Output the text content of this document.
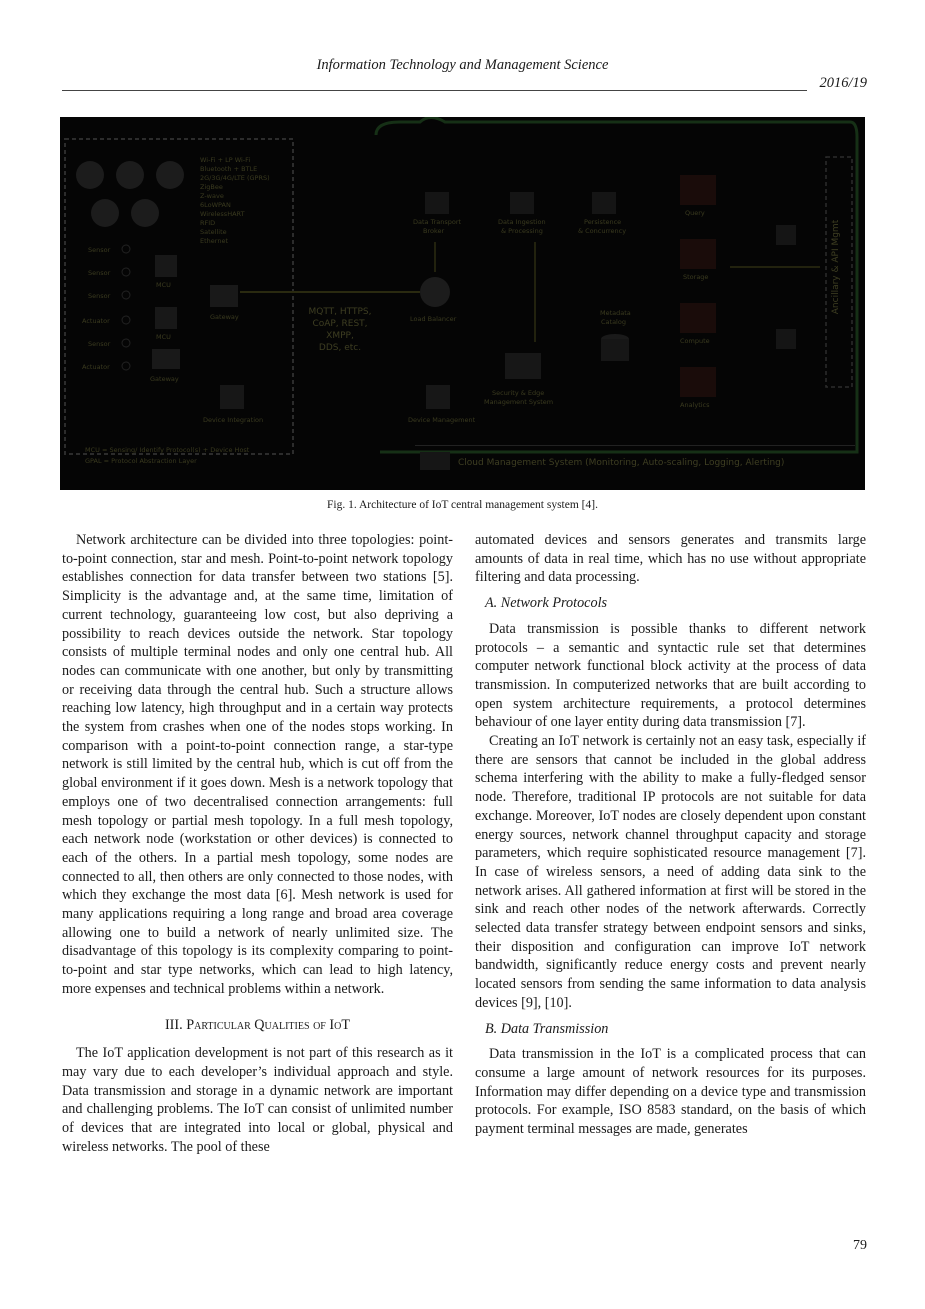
Information Technology and Management Science
2016/19
Ancillary & API Mgmt
Wi-Fi + LP Wi-Fi
Bluetooth + BTLE
2G/3G/4G/LTE (GPRS)
ZigBee
Z-wave
6LoWPAN
WirelessHART
RFID
Satellite
Ethernet
Sensor
Sensor
Sensor
Actuator
Sensor
Actuator
MCU
MCU
Gateway
Gateway
MQTT, HTTPS,
CoAP, REST,
XMPP,
DDS, etc.
Device Integration	Device Management
Load Balancer
Data Transport
Broker
Data Ingestion
& Processing
Persistence
& Concurrency
Query
Storage
Compute
Analytics
Metadata
Catalog
Security & Edge
Management System
Cloud Management System (Monitoring, Auto-scaling, Logging, Alerting)
MCU = Sensing/ Identify Protocol(s) + Device Host
GPAL = Protocol Abstraction Layer
Fig. 1. Architecture of IoT central management system [4].

Network architecture can be divided into three topologies: point-to-point connection, star and mesh. Point-to-point network topology establishes connection for data transfer between two stations [5]. Simplicity is the advantage and, at the same time, limitation of current technology, guaranteeing low cost, but also depriving a possibility to reach devices outside the network. Star topology consists of multiple terminal nodes and only one central hub. All nodes can communicate with one another, but only by transmitting or receiving data through the central hub. Such a structure allows reaching low latency, high throughput and in a certain way protects the system from crashes when one of the nodes stops working. In comparison with a point-to-point connection range, a star-type network is still limited by the central hub, which is cut off from the global environment if it goes down. Mesh is a network topology that employs one of two decentralised connection arrangements: full mesh topology or partial mesh topology. In a full mesh topology, each network node (workstation or other devices) is connected to each of the others. In a partial mesh topology, some nodes are connected to all, then others are only connected to those nodes, with which they exchange the most data [6]. Mesh network is used for many applications requiring a long range and broad area coverage allowing one to build a network of nearly unlimited size. The disadvantage of this topology is its complexity comparing to point-to-point and star type networks, which can lead to high latency, more expenses and technical problems within a network.

III. Particular Qualities of IoT

The IoT application development is not part of this research as it may vary due to each developer’s individual approach and style. Data transmission and storage in a dynamic network are important and challenging problems. The IoT can consist of unlimited number of devices that are integrated into local or global, physical and wireless networks. The pool of these

automated devices and sensors generates and transmits large amounts of data in real time, which has no use without appropriate filtering and data processing.

A. Network Protocols

Data transmission is possible thanks to different network protocols – a semantic and syntactic rule set that determines computer network functional block activity at the process of data transmission. In computerized networks that are built according to open system architecture requirements, a protocol determines behaviour of one layer entity during data transmission [7].

Creating an IoT network is certainly not an easy task, especially if there are sensors that cannot be included in the global address schema interfering with the ability to make a fully-fledged sensor node. Therefore, traditional IP protocols are not suitable for data exchange. Moreover, IoT nodes are closely dependent upon constant energy sources, network channel throughput capacity and storage parameters, which require sophisticated resource management [7]. In case of wireless sensors, a need of adding data sink to the network arises. All gathered information at first will be stored in the sink and reach other nodes of the network afterwards. Correctly selected data transfer strategy between endpoint sensors and sinks, their disposition and configuration can improve IoT network bandwidth, significantly reduce energy costs and prevent nearly located sensors from sending the same information to data analysis devices [9], [10].

B. Data Transmission

Data transmission in the IoT is a complicated process that can consume a large amount of network resources for its purposes. Information may differ depending on a device type and transmission protocols. For example, ISO 8583 standard, on the basis of which payment terminal messages are made, generates

79
